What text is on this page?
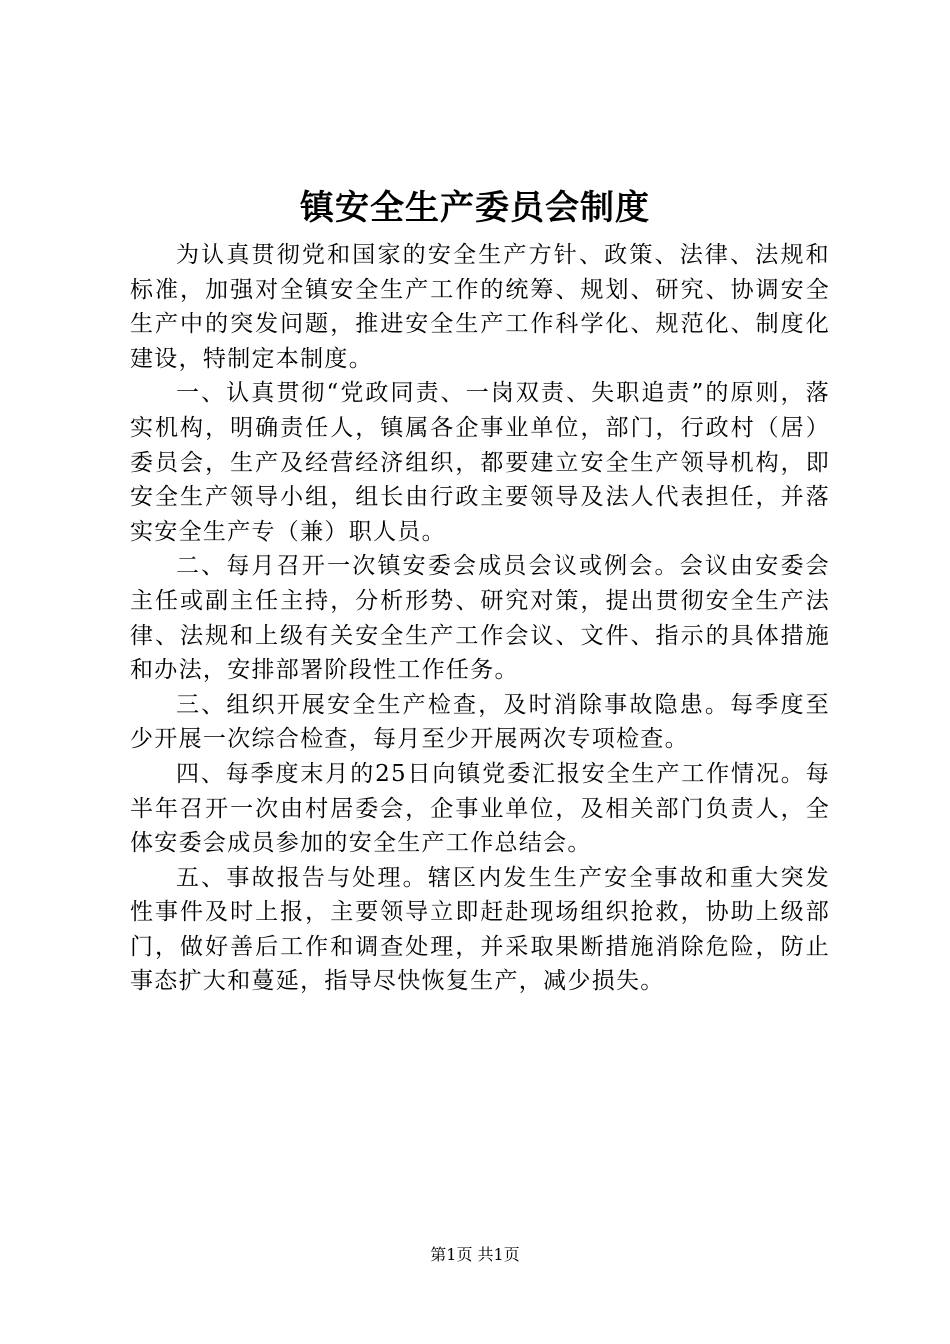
镇安全生产委员会制度

为认真贯彻党和国家的安全生产方针、政策、法律、法规和标准，加强对全镇安全生产工作的统筹、规划、研究、协调安全生产中的突发问题，推进安全生产工作科学化、规范化、制度化建设，特制定本制度。

一、认真贯彻“党政同责、一岗双责、失职追责”的原则，落实机构，明确责任人，镇属各企事业单位，部门，行政村（居）委员会，生产及经营经济组织，都要建立安全生产领导机构，即安全生产领导小组，组长由行政主要领导及法人代表担任，并落实安全生产专（兼）职人员。

二、每月召开一次镇安委会成员会议或例会。会议由安委会主任或副主任主持，分析形势、研究对策，提出贯彻安全生产法律、法规和上级有关安全生产工作会议、文件、指示的具体措施和办法，安排部署阶段性工作任务。

三、组织开展安全生产检查，及时消除事故隐患。每季度至少开展一次综合检查，每月至少开展两次专项检查。

四、每季度末月的25日向镇党委汇报安全生产工作情况。每半年召开一次由村居委会，企事业单位，及相关部门负责人，全体安委会成员参加的安全生产工作总结会。

五、事故报告与处理。辖区内发生生产安全事故和重大突发性事件及时上报，主要领导立即赶赴现场组织抢救，协助上级部门，做好善后工作和调查处理，并采取果断措施消除危险，防止事态扩大和蔓延，指导尽快恢复生产，减少损失。

第1页 共1页
